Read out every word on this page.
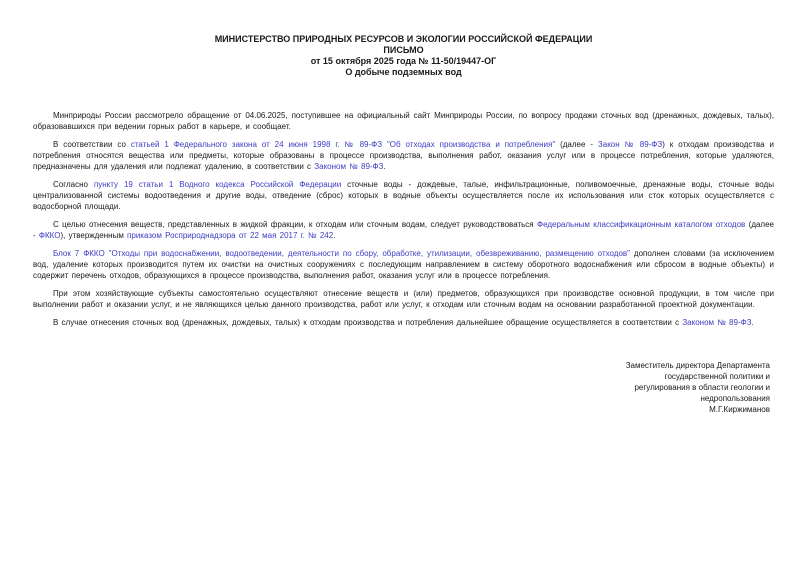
МИНИСТЕРСТВО ПРИРОДНЫХ РЕСУРСОВ И ЭКОЛОГИИ РОССИЙСКОЙ ФЕДЕРАЦИИ
ПИСЬМО
от 15 октября 2025 года № 11-50/19447-ОГ
О добыче подземных вод

Минприроды России рассмотрело обращение от 04.06.2025, поступившее на официальный сайт Минприроды России, по вопросу продажи сточных вод (дренажных, дождевых, талых), образовавшихся при ведении горных работ в карьере, и сообщает.

В соответствии со статьей 1 Федерального закона от 24 июня 1998 г. № 89-ФЗ "Об отходах производства и потребления" (далее - Закон № 89-ФЗ) к отходам производства и потребления относятся вещества или предметы, которые образованы в процессе производства, выполнения работ, оказания услуг или в процессе потребления, которые удаляются, предназначены для удаления или подлежат удалению, в соответствии с Законом № 89-ФЗ.

Согласно пункту 19 статьи 1 Водного кодекса Российской Федерации сточные воды - дождевые, талые, инфильтрационные, поливомоечные, дренажные воды, сточные воды централизованной системы водоотведения и другие воды, отведение (сброс) которых в водные объекты осуществляется после их использования или сток которых осуществляется с водосборной площади.

С целью отнесения веществ, представленных в жидкой фракции, к отходам или сточным водам, следует руководствоваться Федеральным классификационным каталогом отходов (далее - ФККО), утвержденным приказом Росприроднадзора от 22 мая 2017 г. № 242.

Блок 7 ФККО "Отходы при водоснабжении, водоотведении, деятельности по сбору, обработке, утилизации, обезвреживанию, размещению отходов" дополнен словами (за исключением вод, удаление которых производится путем их очистки на очистных сооружениях с последующим направлением в систему оборотного водоснабжения или сбросом в водные объекты) и содержит перечень отходов, образующихся в процессе производства, выполнения работ, оказания услуг или в процессе потребления.

При этом хозяйствующие субъекты самостоятельно осуществляют отнесение веществ и (или) предметов, образующихся при производстве основной продукции, в том числе при выполнении работ и оказании услуг, и не являющихся целью данного производства, работ или услуг, к отходам или сточным водам на основании разработанной проектной документации.

В случае отнесения сточных вод (дренажных, дождевых, талых) к отходам производства и потребления дальнейшее обращение осуществляется в соответствии с Законом № 89-ФЗ.

Заместитель директора Департамента
государственной политики и
регулирования в области геологии и
недропользования
М.Г.Киржиманов
